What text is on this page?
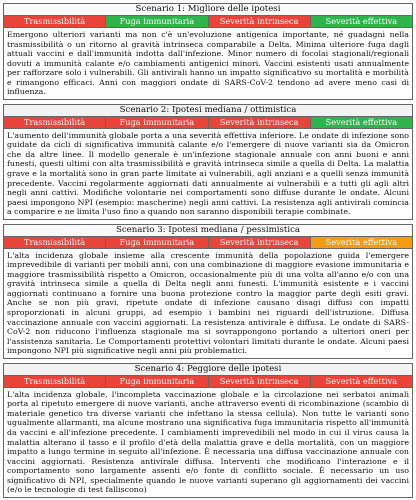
Scenario 1: Migliore delle ipotesi
Trasmissibilità	Fuga immunitaria	Severità intrinseca	Severità effettiva

Emergono ulteriori varianti ma non c'è un'evoluzione antigenica importante, né guadagni nella trasmissibilità o un ritorno al gravità intrinseca comparabile a Delta. Minima ulteriore fuga dagli attuali vaccini e dall'immunità indotta dall'infezione. Minor numero di focolai stagionali/regionali dovuti a immunità calante e/o cambiamenti antigenici minori. Vaccini esistenti usati annualmente per rafforzare solo i vulnerabili. Gli antivirali hanno un impatto significativo su mortalità e morbilità e rimangono efficaci. Anni con maggiori ondate di SARS-CoV-2 tendono ad avere meno casi di influenza.

Scenario 2: Ipotesi mediana / ottimistica
Trasmissibilità	Fuga immunitaria	Severità intrinseca	Severità effettiva

L'aumento dell'immunità globale porta a una severità effettiva inferiore. Le ondate di infezione sono guidate da cicli di significativa immunità calante e/o l'emergere di nuove varianti sia da Omicron che da altre linee. Il modello generale è un'infezione stagionale annuale con anni buoni e anni funesti, questi ultimi con alta trasmissibilità e gravità intrinseca simile a quella di Delta. La malattia grave e la mortalità sono in gran parte limitate ai vulnerabili, agli anziani e a quelli senza immunità precedente. Vaccini regolarmente aggiornati dati annualmente ai vulnerabili e a tutti gli agli altri negli anni cattivi. Modifiche volontarie nei comportamenti sono diffuse durante le ondate. Alcuni paesi impongono NPI (esempio: mascherine) negli anni cattivi. La resistenza agli antivirali comincia a comparire e ne limita l'uso fino a quando non saranno disponibili terapie combinate.

Scenario 3: Ipotesi mediana / pessimistica
Trasmissibilità	Fuga immunitaria	Severità intrinseca	Severità effettiva

L'alta incidenza globale insieme alla crescente immunità della popolazione guida l'emergere imprevedibile di varianti per mobili anni, con una combinazione di maggiore evasione immunitaria e maggiore trasmissibilità rispetto a Omicron, occasionalmente più di una volta all'anno e/o con una gravità intrinseca simile a quella di Delta negli anni funesti. L'immunità esistente e i vaccini aggiornati continuano a fornire una buona protezione contro la maggior parte degli esiti gravi. Anche se non più gravi, ripetute ondate di infezione causano disagi diffusi con impatti sproporzionati in alcuni gruppi, ad esempio i bambini nei riguardi dell'istruzione. Diffusa vaccinazione annuale con vaccini aggiornati. La resistenza antivirale è diffusa. Le ondate di SARS-CoV-2 non riducono l'influenza stagionale ma si sovrappongono portando a ulteriori oneri per l'assistenza sanitaria. Le Comportamenti protettivi volontari limitati durante le ondate. Alcuni paesi impongono NPI più significative negli anni più problematici.

Scenario 4: Peggiore delle ipotesi
Trasmissibilità	Fuga immunitaria	Severità intrinseca	Severità effettiva

L'alta incidenza globale, l'incompleta vaccinazione globale e la circolazione nei serbatoi animali porta al ripetuto emergere di nuove varianti, anche attraverso eventi di ricombinazione (scambio di materiale genetico tra diverse varianti che infettano la stessa cellula). Non tutte le varianti sono ugualmente allarmanti, ma alcune mostrano una significativa fuga immunitaria rispetto all'immunità da vaccini e all'infezione precedente. I cambiamenti imprevedibili nel modo in cui il virus causa la malattia alterano il tasso e il profilo d'età della malattia grave e della mortalità, con un maggiore impatto a lungo termine in seguito all'infezione. È necessaria una diffusa vaccinazione annuale con vaccini aggiornati. Resistenza antivirale diffusa. Interventi che modificano l'interazione e il comportamento sono largamente assenti e/o fonte di conflitto sociale. È necessario un uso significativo di NPI, specialmente quando le nuove varianti superano gli aggiornamenti dei vaccini (e/o le tecnologie di test falliscono)
